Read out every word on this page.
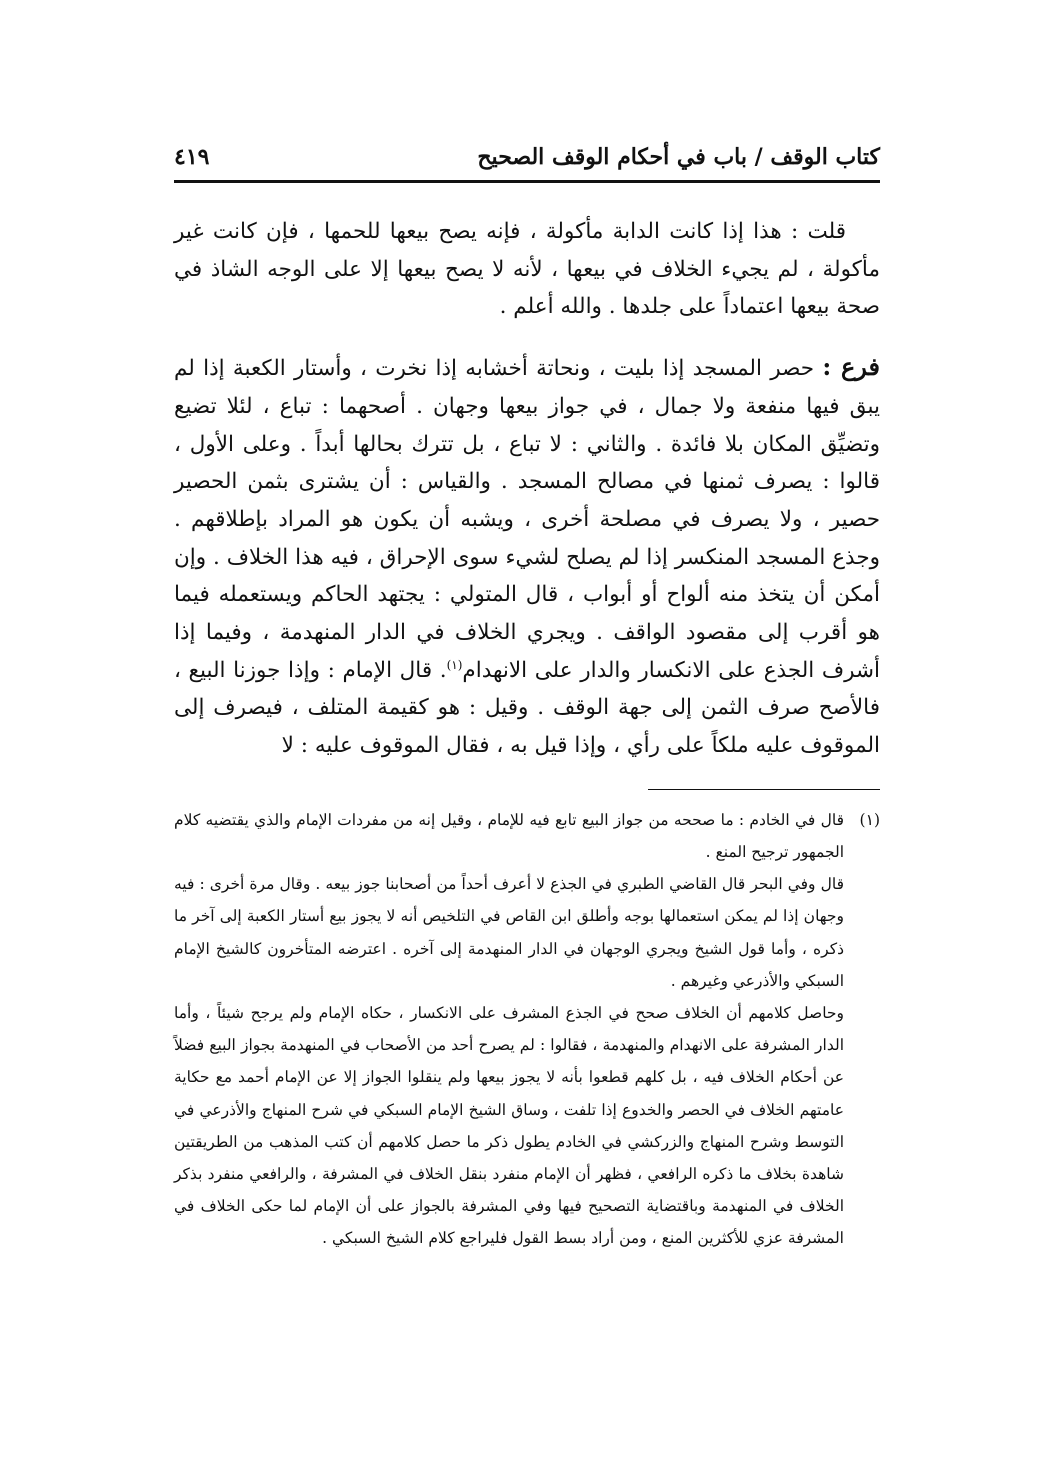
كتاب الوقف / باب في أحكام الوقف الصحيح
٤١٩

قلت : هذا إذا كانت الدابة مأكولة ، فإنه يصح بيعها للحمها ، فإن كانت غير مأكولة ، لم يجيء الخلاف في بيعها ، لأنه لا يصح بيعها إلا على الوجه الشاذ في صحة بيعها اعتماداً على جلدها . والله أعلم .

فرع : حصر المسجد إذا بليت ، ونحاتة أخشابه إذا نخرت ، وأستار الكعبة إذا لم يبق فيها منفعة ولا جمال ، في جواز بيعها وجهان . أصحهما : تباع ، لئلا تضيع وتضيِّق المكان بلا فائدة . والثاني : لا تباع ، بل تترك بحالها أبداً . وعلى الأول ، قالوا : يصرف ثمنها في مصالح المسجد . والقياس : أن يشترى بثمن الحصير حصير ، ولا يصرف في مصلحة أخرى ، ويشبه أن يكون هو المراد بإطلاقهم . وجذع المسجد المنكسر إذا لم يصلح لشيء سوى الإحراق ، فيه هذا الخلاف . وإن أمكن أن يتخذ منه ألواح أو أبواب ، قال المتولي : يجتهد الحاكم ويستعمله فيما هو أقرب إلى مقصود الواقف . ويجري الخلاف في الدار المنهدمة ، وفيما إذا أشرف الجذع على الانكسار والدار على الانهدام$^{(١)}$. قال الإمام : وإذا جوزنا البيع ، فالأصح صرف الثمن إلى جهة الوقف . وقيل : هو كقيمة المتلف ، فيصرف إلى الموقوف عليه ملكاً على رأي ، وإذا قيل به ، فقال الموقوف عليه : لا

(١)
قال في الخادم : ما صححه من جواز البيع تابع فيه للإمام ، وقيل إنه من مفردات الإمام والذي يقتضيه كلام الجمهور ترجيح المنع .

قال وفي البحر قال القاضي الطبري في الجذع لا أعرف أحداً من أصحابنا جوز بيعه . وقال مرة أخرى : فيه وجهان إذا لم يمكن استعمالها بوجه وأطلق ابن القاص في التلخيص أنه لا يجوز بيع أستار الكعبة إلى آخر ما ذكره ، وأما قول الشيخ ويجري الوجهان في الدار المنهدمة إلى آخره . اعترضه المتأخرون كالشيخ الإمام السبكي والأذرعي وغيرهم .

وحاصل كلامهم أن الخلاف صحح في الجذع المشرف على الانكسار ، حكاه الإمام ولم يرجح شيئاً ، وأما الدار المشرفة على الانهدام والمنهدمة ، فقالوا : لم يصرح أحد من الأصحاب في المنهدمة بجواز البيع فضلاً عن أحكام الخلاف فيه ، بل كلهم قطعوا بأنه لا يجوز بيعها ولم ينقلوا الجواز إلا عن الإمام أحمد مع حكاية عامتهم الخلاف في الحصر والخدوع إذا تلفت ، وساق الشيخ الإمام السبكي في شرح المنهاج والأذرعي في التوسط وشرح المنهاج والزركشي في الخادم يطول ذكر ما حصل كلامهم أن كتب المذهب من الطريقتين شاهدة بخلاف ما ذكره الرافعي ، فظهر أن الإمام منفرد بنقل الخلاف في المشرفة ، والرافعي منفرد بذكر الخلاف في المنهدمة وباقتضاية التصحيح فيها وفي المشرفة بالجواز على أن الإمام لما حكى الخلاف في المشرفة عزي للأكثرين المنع ، ومن أراد بسط القول فليراجع كلام الشيخ السبكي .
